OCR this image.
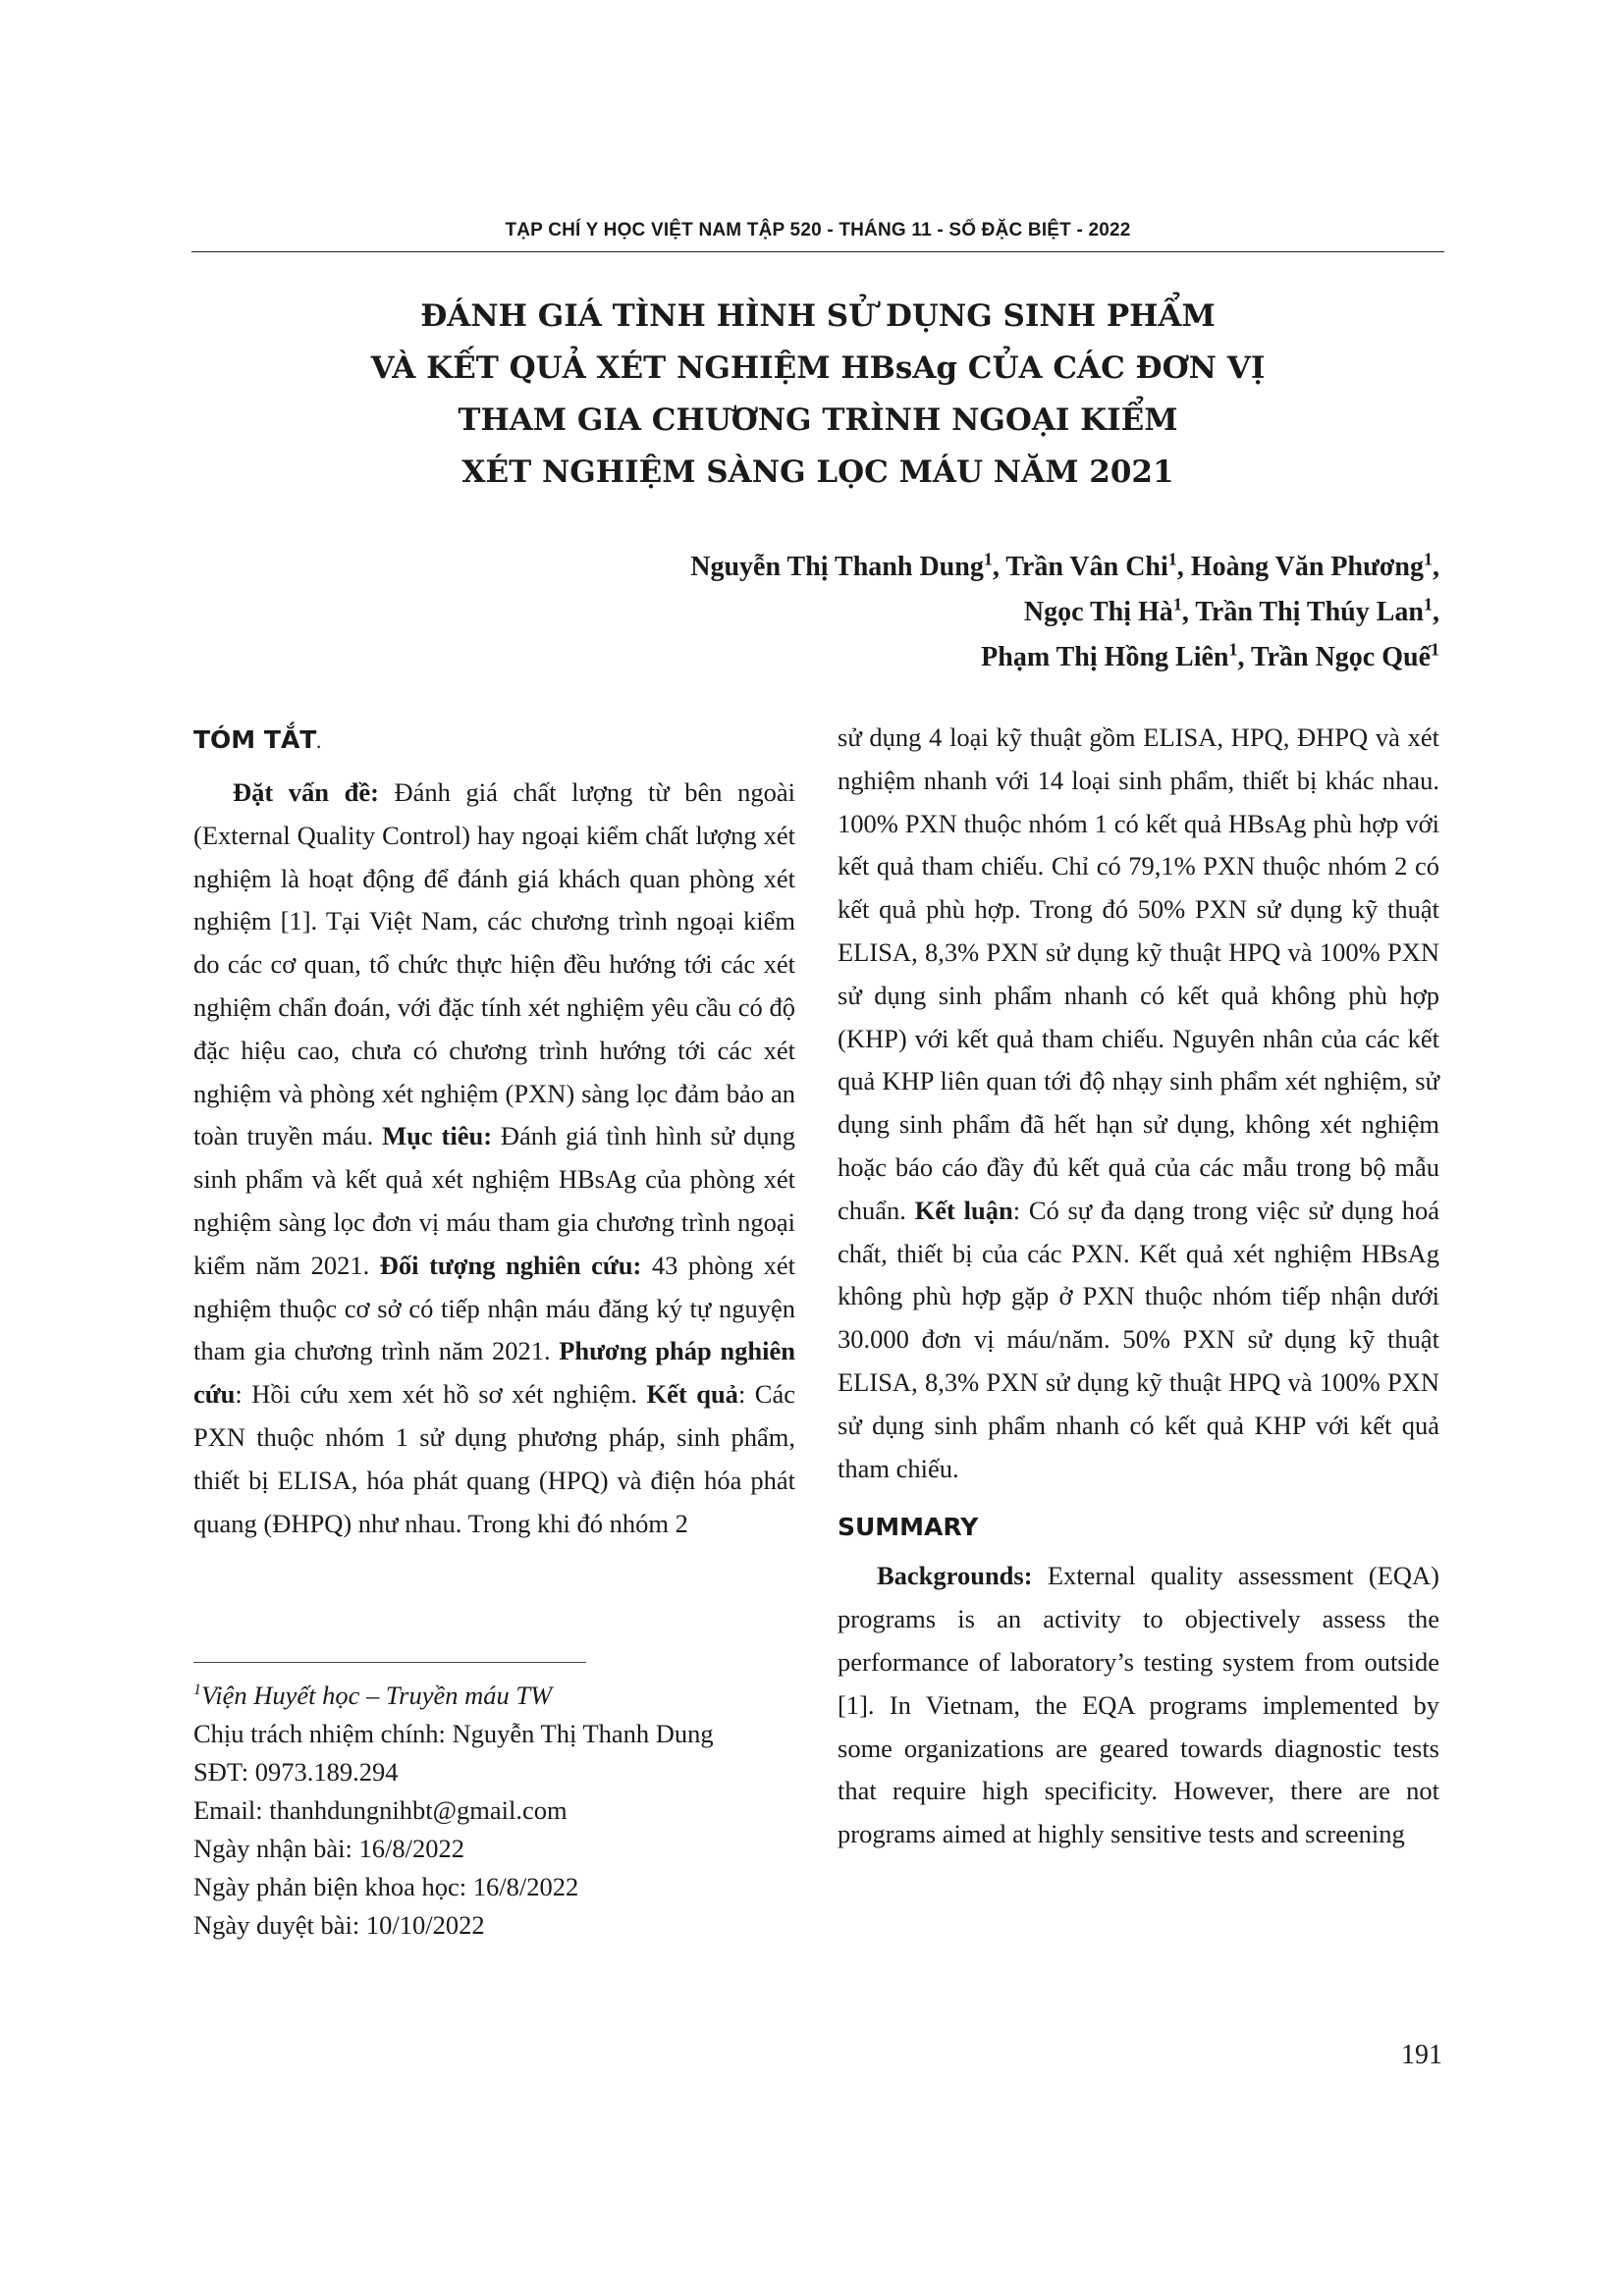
TẠP CHÍ Y HỌC VIỆT NAM TẬP 520 - THÁNG 11 - SỐ ĐẶC BIỆT - 2022
ĐÁNH GIÁ TÌNH HÌNH SỬ DỤNG SINH PHẨM
VÀ KẾT QUẢ XÉT NGHIỆM HBsAg CỦA CÁC ĐƠN VỊ
THAM GIA CHƯƠNG TRÌNH NGOẠI KIỂM
XÉT NGHIỆM SÀNG LỌC MÁU NĂM 2021
Nguyễn Thị Thanh Dung$^1$, Trần Vân Chi$^1$, Hoàng Văn Phương$^1$,
Ngọc Thị $Hà^1$, Trần Thị Thúy Lan$^1$,
Phạm Thị Hồng Liên$^1$, Trần Ngọc Quế$^1$
TÓM TẮT.

Đặt vấn đề: Đánh giá chất lượng từ bên ngoài (External Quality Control) hay ngoại kiểm chất lượng xét nghiệm là hoạt động để đánh giá khách quan phòng xét nghiệm [1]. Tại Việt Nam, các chương trình ngoại kiểm do các cơ quan, tổ chức thực hiện đều hướng tới các xét nghiệm chẩn đoán, với đặc tính xét nghiệm yêu cầu có độ đặc hiệu cao, chưa có chương trình hướng tới các xét nghiệm và phòng xét nghiệm (PXN) sàng lọc đảm bảo an toàn truyền máu. Mục tiêu: Đánh giá tình hình sử dụng sinh phẩm và kết quả xét nghiệm HBsAg của phòng xét nghiệm sàng lọc đơn vị máu tham gia chương trình ngoại kiểm năm 2021. Đối tượng nghiên cứu: 43 phòng xét nghiệm thuộc cơ sở có tiếp nhận máu đăng ký tự nguyện tham gia chương trình năm 2021. Phương pháp nghiên cứu: Hồi cứu xem xét hồ sơ xét nghiệm. Kết quả: Các PXN thuộc nhóm 1 sử dụng phương pháp, sinh phẩm, thiết bị ELISA, hóa phát quang (HPQ) và điện hóa phát quang (ĐHPQ) như nhau. Trong khi đó nhóm 2

$^1$Viện Huyết học – Truyền máu TW
Chịu trách nhiệm chính: Nguyễn Thị Thanh Dung
SĐT: 0973.189.294
Email: thanhdungnihbt@gmail.com
Ngày nhận bài: 16/8/2022
Ngày phản biện khoa học: 16/8/2022
Ngày duyệt bài: 10/10/2022

sử dụng 4 loại kỹ thuật gồm ELISA, HPQ, ĐHPQ và xét nghiệm nhanh với 14 loại sinh phẩm, thiết bị khác nhau. 100% PXN thuộc nhóm 1 có kết quả HBsAg phù hợp với kết quả tham chiếu. Chỉ có 79,1% PXN thuộc nhóm 2 có kết quả phù hợp. Trong đó 50% PXN sử dụng kỹ thuật ELISA, 8,3% PXN sử dụng kỹ thuật HPQ và 100% PXN sử dụng sinh phẩm nhanh có kết quả không phù hợp (KHP) với kết quả tham chiếu. Nguyên nhân của các kết quả KHP liên quan tới độ nhạy sinh phẩm xét nghiệm, sử dụng sinh phẩm đã hết hạn sử dụng, không xét nghiệm hoặc báo cáo đầy đủ kết quả của các mẫu trong bộ mẫu chuẩn. Kết luận: Có sự đa dạng trong việc sử dụng hoá chất, thiết bị của các PXN. Kết quả xét nghiệm HBsAg không phù hợp gặp ở PXN thuộc nhóm tiếp nhận dưới 30.000 đơn vị máu/năm. 50% PXN sử dụng kỹ thuật ELISA, 8,3% PXN sử dụng kỹ thuật HPQ và 100% PXN sử dụng sinh phẩm nhanh có kết quả KHP với kết quả tham chiếu.

SUMMARY

Backgrounds: External quality assessment (EQA) programs is an activity to objectively assess the performance of laboratory’s testing system from outside [1]. In Vietnam, the EQA programs implemented by some organizations are geared towards diagnostic tests that require high specificity. However, there are not programs aimed at highly sensitive tests and screening

191
